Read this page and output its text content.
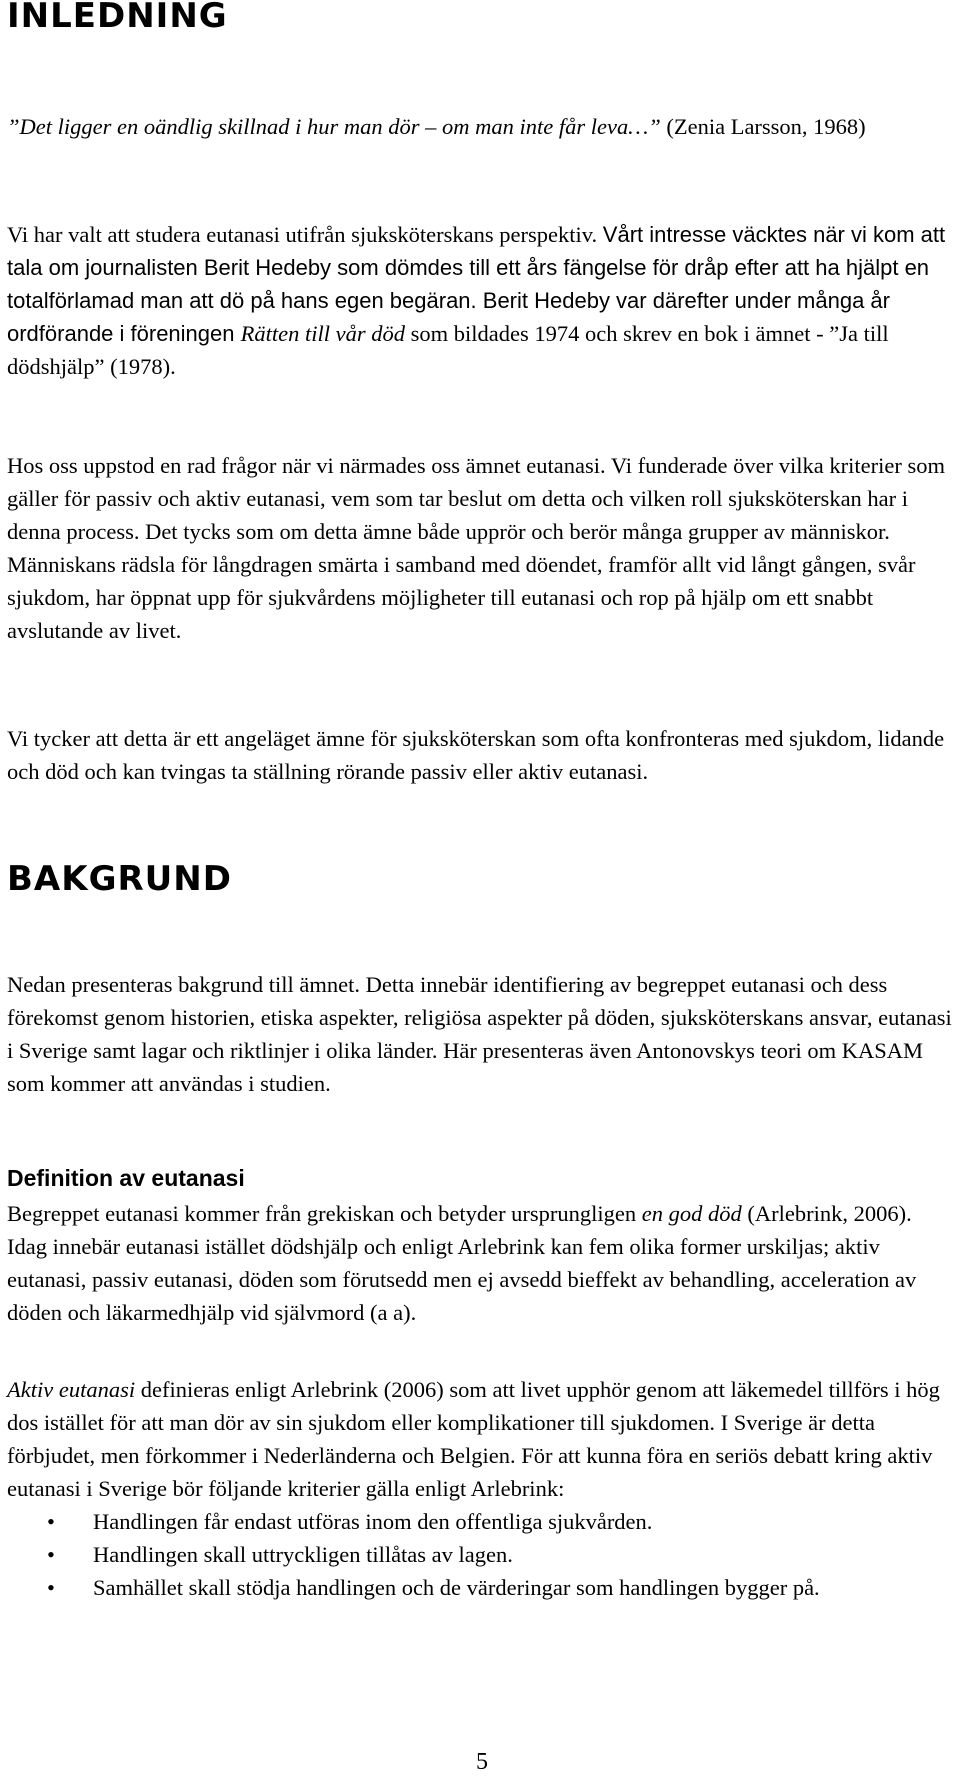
INLEDNING

”Det ligger en oändlig skillnad i hur man dör – om man inte får leva…” (Zenia Larsson, 1968)

Vi har valt att studera eutanasi utifrån sjuksköterskans perspektiv. Vårt intresse väcktes när vi kom att tala om journalisten Berit Hedeby som dömdes till ett års fängelse för dråp efter att ha hjälpt en totalförlamad man att dö på hans egen begäran. Berit Hedeby var därefter under många år ordförande i föreningen Rätten till vår död som bildades 1974 och skrev en bok i ämnet - ”Ja till dödshjälp” (1978).

Hos oss uppstod en rad frågor när vi närmades oss ämnet eutanasi. Vi funderade över vilka kriterier som gäller för passiv och aktiv eutanasi, vem som tar beslut om detta och vilken roll sjuksköterskan har i denna process. Det tycks som om detta ämne både upprör och berör många grupper av människor. Människans rädsla för långdragen smärta i samband med döendet, framför allt vid långt gången, svår sjukdom, har öppnat upp för sjukvårdens möjligheter till eutanasi och rop på hjälp om ett snabbt avslutande av livet.

Vi tycker att detta är ett angeläget ämne för sjuksköterskan som ofta konfronteras med sjukdom, lidande och död och kan tvingas ta ställning rörande passiv eller aktiv eutanasi.

BAKGRUND

Nedan presenteras bakgrund till ämnet. Detta innebär identifiering av begreppet eutanasi och dess förekomst genom historien, etiska aspekter, religiösa aspekter på döden, sjuksköterskans ansvar, eutanasi i Sverige samt lagar och riktlinjer i olika länder. Här presenteras även Antonovskys teori om KASAM som kommer att användas i studien.

Definition av eutanasi

Begreppet eutanasi kommer från grekiskan och betyder ursprungligen en god död (Arlebrink, 2006). Idag innebär eutanasi istället dödshjälp och enligt Arlebrink kan fem olika former urskiljas; aktiv eutanasi, passiv eutanasi, döden som förutsedd men ej avsedd bieffekt av behandling, acceleration av döden och läkarmedhjälp vid självmord (a a).

Aktiv eutanasi definieras enligt Arlebrink (2006) som att livet upphör genom att läkemedel tillförs i hög dos istället för att man dör av sin sjukdom eller komplikationer till sjukdomen. I Sverige är detta förbjudet, men förkommer i Nederländerna och Belgien. För att kunna föra en seriös debatt kring aktiv eutanasi i Sverige bör följande kriterier gälla enligt Arlebrink:

• Handlingen får endast utföras inom den offentliga sjukvården.
• Handlingen skall uttryckligen tillåtas av lagen.
• Samhället skall stödja handlingen och de värderingar som handlingen bygger på.
5
